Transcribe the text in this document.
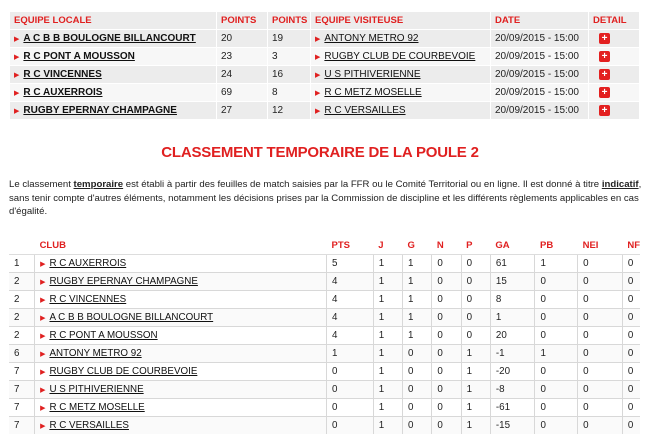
EQUIPE LOCALE	POINTS	POINTS	EQUIPE VISITEUSE	DATE	DETAIL

▶ A C B B BOULOGNE BILLANCOURT	20	19	▶ ANTONY METRO 92	20/09/2015 - 15:00	+

▶ R C PONT A MOUSSON	23	3	▶ RUGBY CLUB DE COURBEVOIE	20/09/2015 - 15:00	+

▶ R C VINCENNES	24	16	▶ U S PITHIVERIENNE	20/09/2015 - 15:00	+

▶ R C AUXERROIS	69	8	▶ R C METZ MOSELLE	20/09/2015 - 15:00	+

▶ RUGBY EPERNAY CHAMPAGNE	27	12	▶ R C VERSAILLES	20/09/2015 - 15:00	+
CLASSEMENT TEMPORAIRE DE LA POULE 2
Le classement temporaire est établi à partir des feuilles de match saisies par la FFR ou le Comité Territorial ou en ligne. Il est donné à titre indicatif, sans tenir compte d'autres éléments, notamment les décisions prises par la Commission de discipline et les différents règlements applicables en cas d'égalité.
	CLUB	PTS	J	G	N	P	GA	PB	NEI	NF
1	▶ R C AUXERROIS	5	1	1	0	0	61	1	0	0
2	▶ RUGBY EPERNAY CHAMPAGNE	4	1	1	0	0	15	0	0	0
2	▶ R C VINCENNES	4	1	1	0	0	8	0	0	0
2	▶ A C B B BOULOGNE BILLANCOURT	4	1	1	0	0	1	0	0	0
2	▶ R C PONT A MOUSSON	4	1	1	0	0	20	0	0	0
6	▶ ANTONY METRO 92	1	1	0	0	1	-1	1	0	0
7	▶ RUGBY CLUB DE COURBEVOIE	0	1	0	0	1	-20	0	0	0
7	▶ U S PITHIVERIENNE	0	1	0	0	1	-8	0	0	0
7	▶ R C METZ MOSELLE	0	1	0	0	1	-61	0	0	0
7	▶ R C VERSAILLES	0	1	0	0	1	-15	0	0	0
